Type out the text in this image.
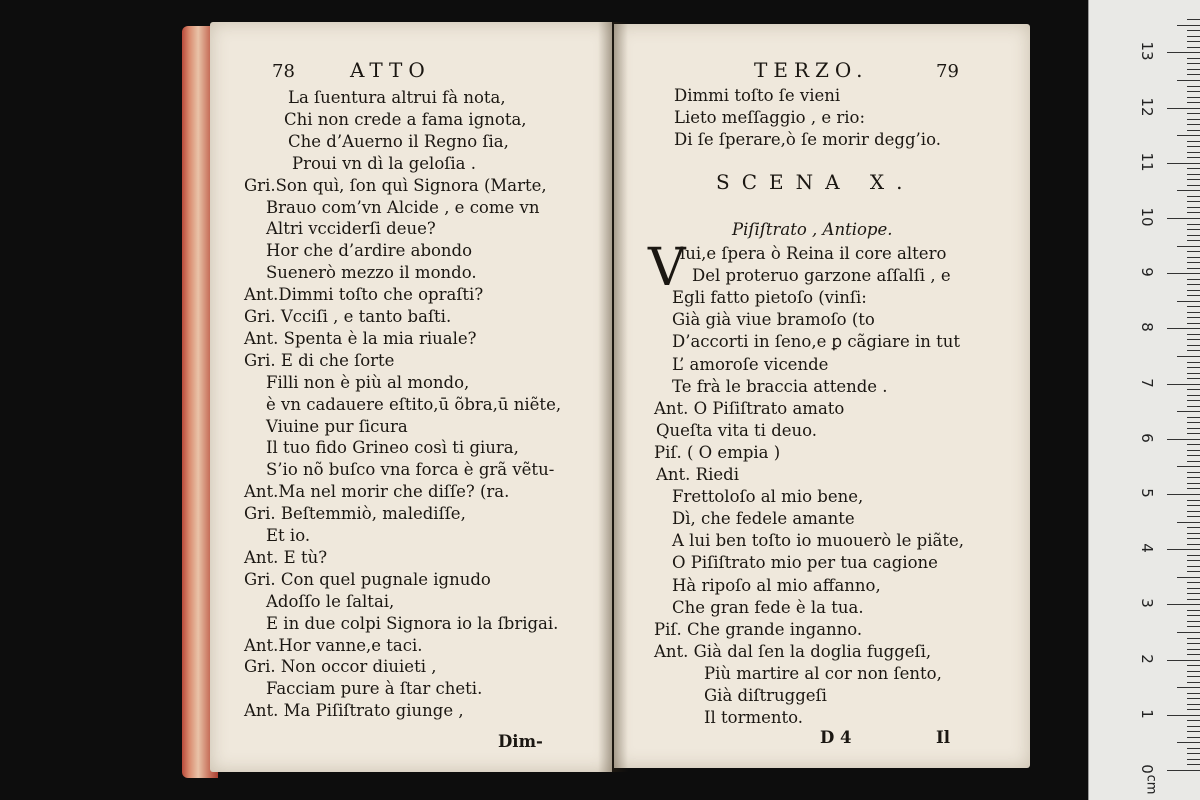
78	ATTO
La ſuentura altrui fà nota,
Chi non crede a fama ignota,
Che d’Auerno il Regno ſia,
Proui vn dì la geloſia .
Gri.Son quì, ſon quì Signora (Marte,
Brauo com’vn Alcide , e come vn
Altri vcciderſi deue?
Hor che d’ardire abondo
Suenerò mezzo il mondo.
Ant.Dimmi toſto che opraſti?
Gri. Vcciſi , e tanto baſti.
Ant. Spenta è la mia riuale?
Gri. E di che ſorte
Filli non è più al mondo,
è vn cadauere eſtito,ū õbra,ū niẽte,
Viuine pur ſicura
Il tuo fido Grineo così ti giura,
S’io nõ buſco vna forca è grã vẽtu-
Ant.Ma nel morir che diſſe? (ra.
Gri. Beſtemmiò, malediſſe,
Et io.
Ant. E tù?
Gri. Con quel pugnale ignudo
Adoſſo le ſaltai,
E in due colpi Signora io la ſbrigai.
Ant.Hor vanne,e taci.
Gri. Non occor diuieti ,
Facciam pure à ſtar cheti.
Ant. Ma Piſiſtrato giunge ,
Dim-
TERZO.	79
Dimmi toſto ſe vieni
Lieto meſſaggio , e rio:
Di ſe ſperare,ò ſe morir degg’io.
SCENA X.
Piſiſtrato , Antiope.
V
lui,e ſpera ò Reina il core altero
Del proteruo garzone aſſalſi , e
Egli fatto pietoſo (vinſi:
Già già viue bramoſo (to
D’accorti in ſeno,e ꝑ cãgiare in tut
L’ amoroſe vicende
Te frà le braccia attende .
Ant. O Piſiſtrato amato
Queſta vita ti deuo.
Piſ. ( O empia )
Ant. Riedi
Frettoloſo al mio bene,
Dì, che fedele amante
A lui ben toſto io muouerò le piãte,
O Piſiſtrato mio per tua cagione
Hà ripoſo al mio affanno,
Che gran fede è la tua.
Piſ. Che grande inganno.
Ant. Già dal ſen la doglia fuggeſi,
Più martire al cor non ſento,
Già diſtruggeſi
Il tormento.
D 4	Il
cm
0
1
2
3
4
5
6
7
8
9
10
11
12
13
